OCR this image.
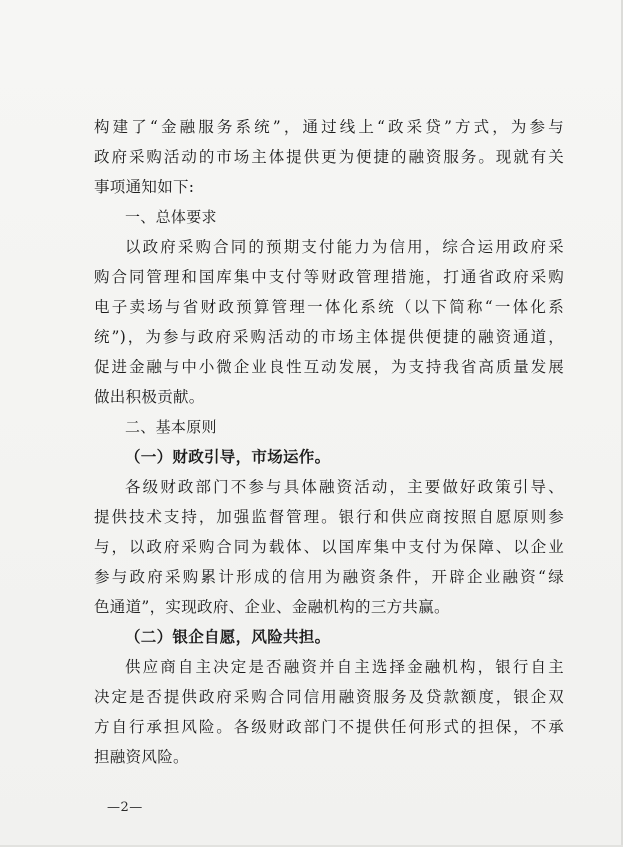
构建了“金融服务系统”，通过线上“政采贷”方式，为参与
政府采购活动的市场主体提供更为便捷的融资服务。现就有关
事项通知如下:
一、总体要求
以政府采购合同的预期支付能力为信用，综合运用政府采
购合同管理和国库集中支付等财政管理措施，打通省政府采购
电子卖场与省财政预算管理一体化系统（以下简称“一体化系
统”)，为参与政府采购活动的市场主体提供便捷的融资通道，
促进金融与中小微企业良性互动发展，为支持我省高质量发展
做出积极贡献。
二、基本原则
（一）财政引导，市场运作。
各级财政部门不参与具体融资活动，主要做好政策引导、
提供技术支持，加强监督管理。银行和供应商按照自愿原则参
与，以政府采购合同为载体、以国库集中支付为保障、以企业
参与政府采购累计形成的信用为融资条件，开辟企业融资“绿
色通道”，实现政府、企业、金融机构的三方共赢。
（二）银企自愿，风险共担。
供应商自主决定是否融资并自主选择金融机构，银行自主
决定是否提供政府采购合同信用融资服务及贷款额度，银企双
方自行承担风险。各级财政部门不提供任何形式的担保，不承
担融资风险。
—2—
